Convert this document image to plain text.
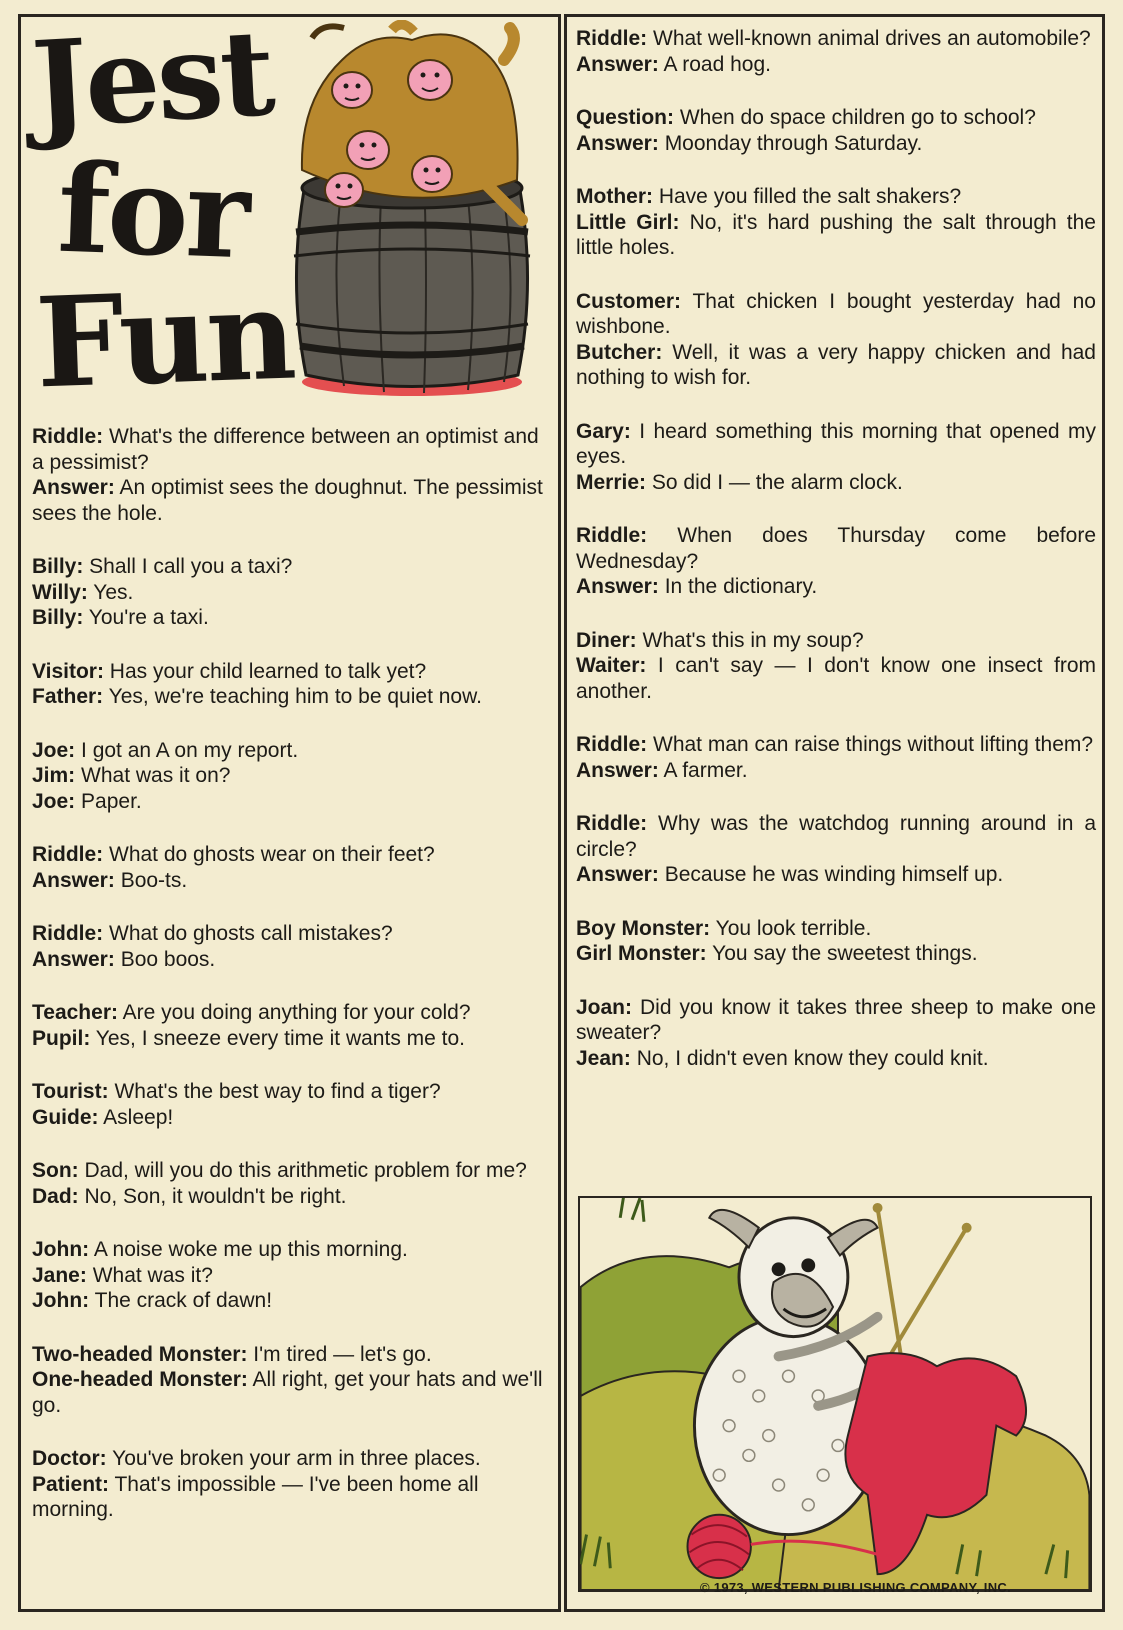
Jest
for
Fun
Riddle: What's the difference between an optimist and a pessimist?
Answer: An optimist sees the doughnut. The pessimist sees the hole.
Billy: Shall I call you a taxi?
Willy: Yes.
Billy: You're a taxi.
Visitor: Has your child learned to talk yet?
Father: Yes, we're teaching him to be quiet now.
Joe: I got an A on my report.
Jim: What was it on?
Joe: Paper.
Riddle: What do ghosts wear on their feet?
Answer: Boo-ts.
Riddle: What do ghosts call mistakes?
Answer: Boo boos.
Teacher: Are you doing anything for your cold?
Pupil: Yes, I sneeze every time it wants me to.
Tourist: What's the best way to find a tiger?
Guide: Asleep!
Son: Dad, will you do this arithmetic problem for me?
Dad: No, Son, it wouldn't be right.
John: A noise woke me up this morning.
Jane: What was it?
John: The crack of dawn!
Two-headed Monster: I'm tired — let's go.
One-headed Monster: All right, get your hats and we'll go.
Doctor: You've broken your arm in three places.
Patient: That's impossible — I've been home all morning.
Riddle: What well-known animal drives an automobile?
Answer: A road hog.
Question: When do space children go to school?
Answer: Moonday through Saturday.
Mother: Have you filled the salt shakers?
Little Girl: No, it's hard pushing the salt through the little holes.
Customer: That chicken I bought yesterday had no wishbone.
Butcher: Well, it was a very happy chicken and had nothing to wish for.
Gary: I heard something this morning that opened my eyes.
Merrie: So did I — the alarm clock.
Riddle: When does Thursday come before Wednesday?
Answer: In the dictionary.
Diner: What's this in my soup?
Waiter: I can't say — I don't know one insect from another.
Riddle: What man can raise things without lifting them?
Answer: A farmer.
Riddle: Why was the watchdog running around in a circle?
Answer: Because he was winding himself up.
Boy Monster: You look terrible.
Girl Monster: You say the sweetest things.
Joan: Did you know it takes three sheep to make one sweater?
Jean: No, I didn't even know they could knit.
© 1973, WESTERN PUBLISHING COMPANY, INC.
